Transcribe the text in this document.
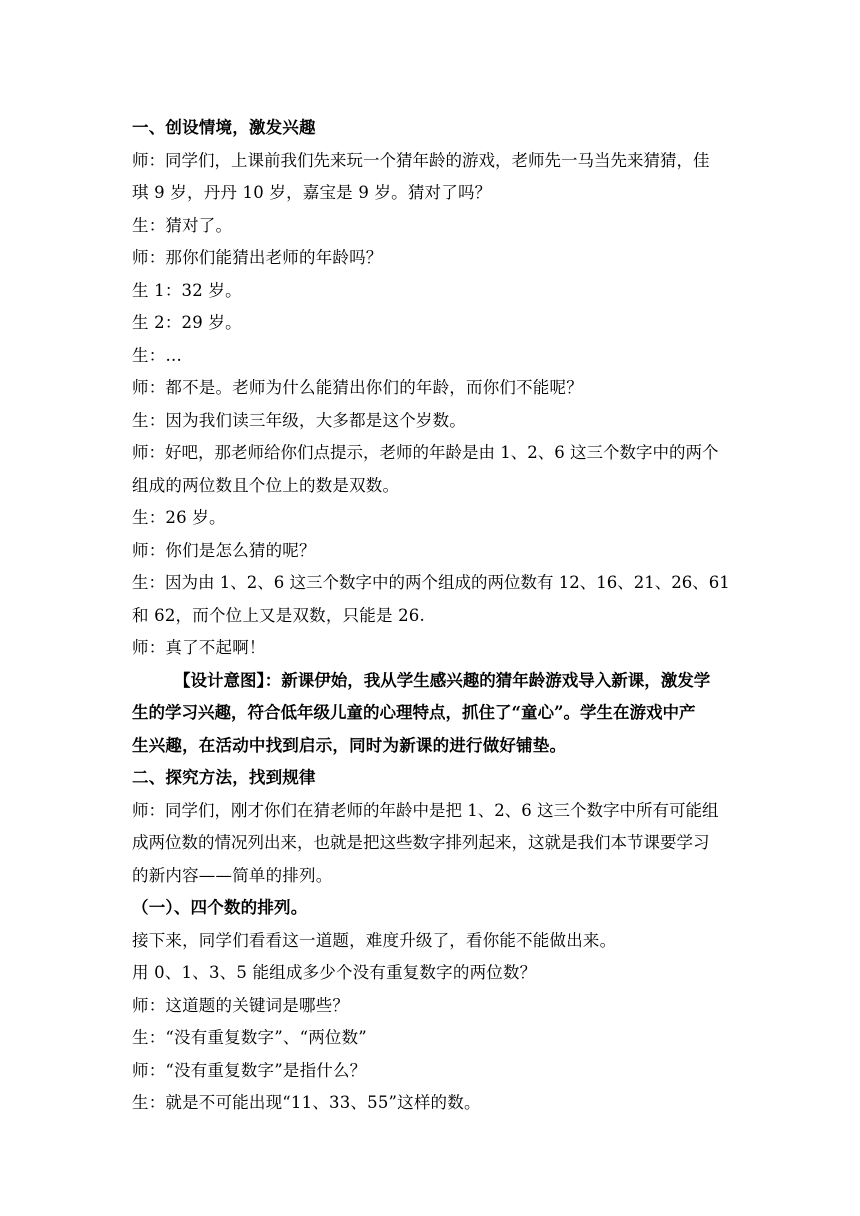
一、创设情境，激发兴趣
师：同学们，上课前我们先来玩一个猜年龄的游戏，老师先一马当先来猜猜，佳
琪 9 岁，丹丹 10 岁，嘉宝是 9 岁。猜对了吗？
生：猜对了。
师：那你们能猜出老师的年龄吗？
生 1：32 岁。
生 2：29 岁。
生：…
师：都不是。老师为什么能猜出你们的年龄，而你们不能呢？
生：因为我们读三年级，大多都是这个岁数。
师：好吧，那老师给你们点提示，老师的年龄是由 1、2、6 这三个数字中的两个
组成的两位数且个位上的数是双数。
生：26 岁。
师：你们是怎么猜的呢？
生：因为由 1、2、6 这三个数字中的两个组成的两位数有 12、16、21、26、61
和 62，而个位上又是双数，只能是 26.
师：真了不起啊！
【设计意图】：新课伊始，我从学生感兴趣的猜年龄游戏导入新课，激发学
生的学习兴趣，符合低年级儿童的心理特点，抓住了“童心”。学生在游戏中产
生兴趣，在活动中找到启示，同时为新课的进行做好铺垫。
二、探究方法，找到规律
师：同学们，刚才你们在猜老师的年龄中是把 1、2、6 这三个数字中所有可能组
成两位数的情况列出来，也就是把这些数字排列起来，这就是我们本节课要学习
的新内容——简单的排列。
（一）、四个数的排列。
接下来，同学们看看这一道题，难度升级了，看你能不能做出来。
用 0、1、3、5 能组成多少个没有重复数字的两位数？
师：这道题的关键词是哪些？
生：“没有重复数字”、“两位数”
师：“没有重复数字”是指什么？
生：就是不可能出现“11、33、55”这样的数。
